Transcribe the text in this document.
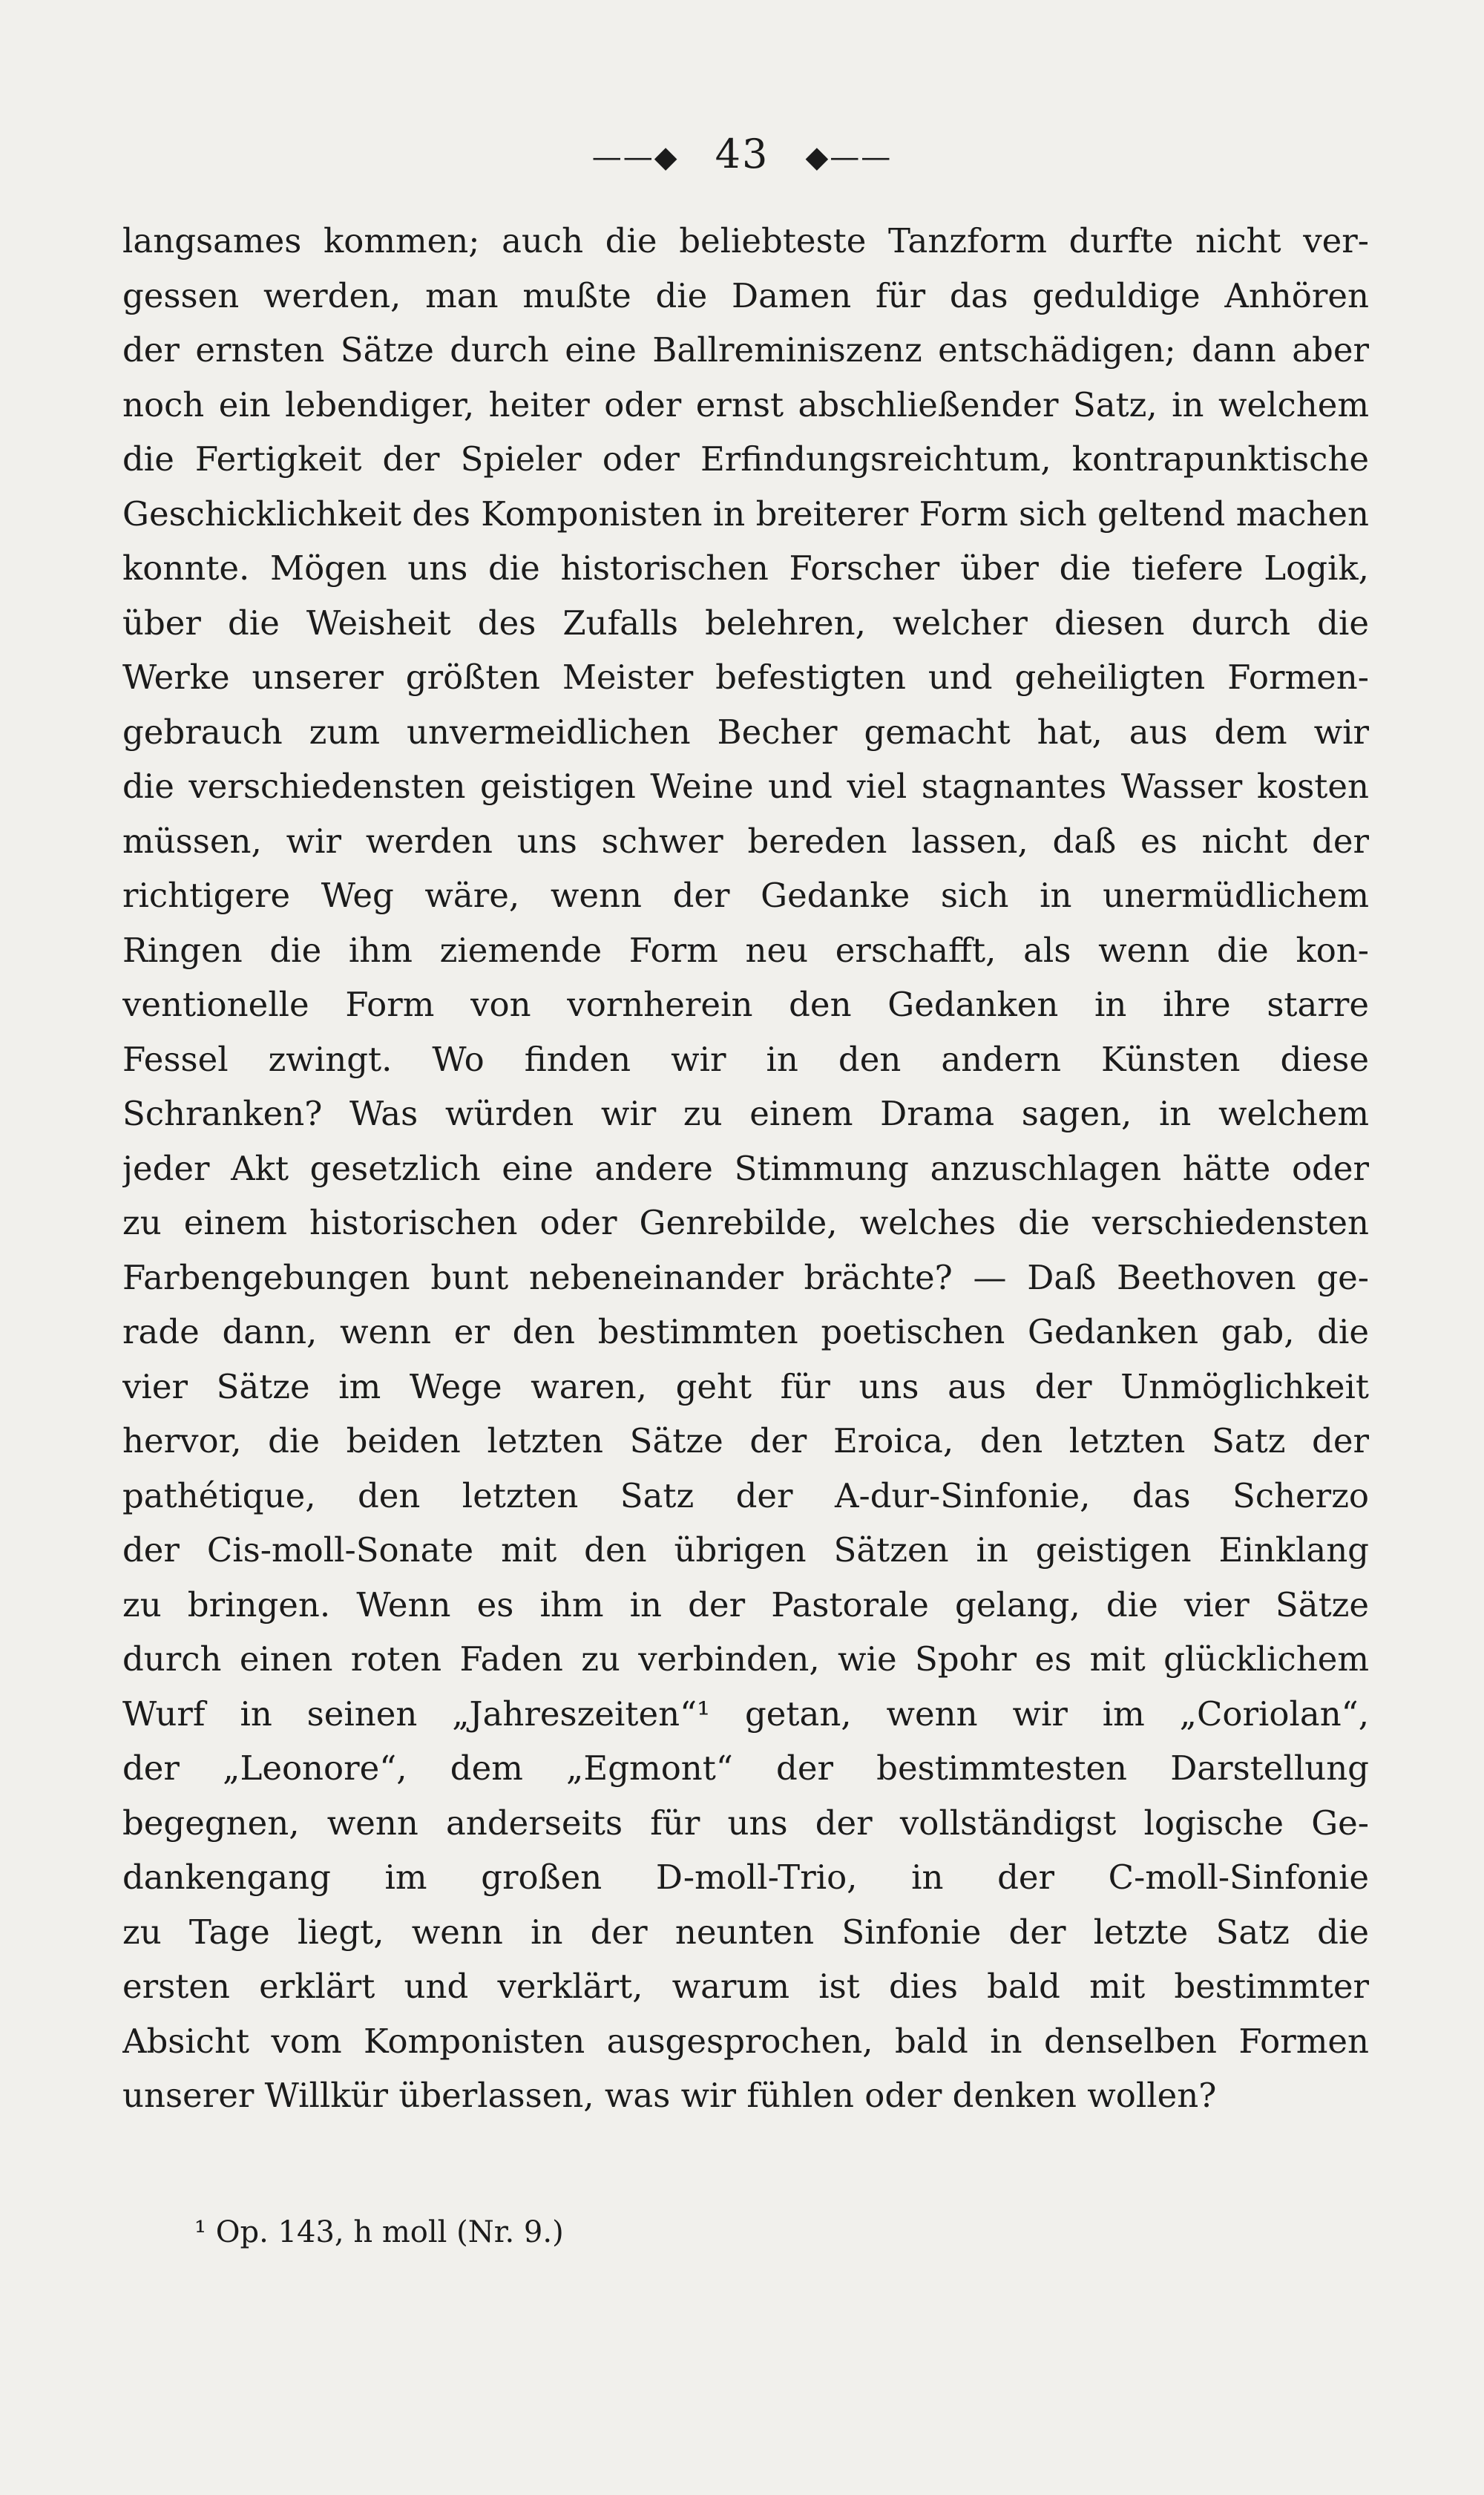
——◆ 43 ◆——
langsames kommen; auch die beliebteste Tanzform durfte nicht ver-
gessen werden, man mußte die Damen für das geduldige Anhören
der ernsten Sätze durch eine Ballreminiszenz entschädigen; dann aber
noch ein lebendiger, heiter oder ernst abschließender Satz, in welchem
die Fertigkeit der Spieler oder Erfindungsreichtum, kontrapunktische
Geschicklichkeit des Komponisten in breiterer Form sich geltend machen
konnte. Mögen uns die historischen Forscher über die tiefere Logik,
über die Weisheit des Zufalls belehren, welcher diesen durch die
Werke unserer größten Meister befestigten und geheiligten Formen-
gebrauch zum unvermeidlichen Becher gemacht hat, aus dem wir
die verschiedensten geistigen Weine und viel stagnantes Wasser kosten
müssen, wir werden uns schwer bereden lassen, daß es nicht der
richtigere Weg wäre, wenn der Gedanke sich in unermüdlichem
Ringen die ihm ziemende Form neu erschafft, als wenn die kon-
ventionelle Form von vornherein den Gedanken in ihre starre
Fessel zwingt. Wo finden wir in den andern Künsten diese
Schranken? Was würden wir zu einem Drama sagen, in welchem
jeder Akt gesetzlich eine andere Stimmung anzuschlagen hätte oder
zu einem historischen oder Genrebilde, welches die verschiedensten
Farbengebungen bunt nebeneinander brächte? — Daß Beethoven ge-
rade dann, wenn er den bestimmten poetischen Gedanken gab, die
vier Sätze im Wege waren, geht für uns aus der Unmöglichkeit
hervor, die beiden letzten Sätze der Eroica, den letzten Satz der
pathétique, den letzten Satz der A-dur-Sinfonie, das Scherzo
der Cis-moll-Sonate mit den übrigen Sätzen in geistigen Einklang
zu bringen. Wenn es ihm in der Pastorale gelang, die vier Sätze
durch einen roten Faden zu verbinden, wie Spohr es mit glücklichem
Wurf in seinen „Jahreszeiten“¹ getan, wenn wir im „Coriolan“,
der „Leonore“, dem „Egmont“ der bestimmtesten Darstellung
begegnen, wenn anderseits für uns der vollständigst logische Ge-
dankengang im großen D-moll-Trio, in der C-moll-Sinfonie
zu Tage liegt, wenn in der neunten Sinfonie der letzte Satz die
ersten erklärt und verklärt, warum ist dies bald mit bestimmter
Absicht vom Komponisten ausgesprochen, bald in denselben Formen
unserer Willkür überlassen, was wir fühlen oder denken wollen?
¹ Op. 143, h moll (Nr. 9.)
